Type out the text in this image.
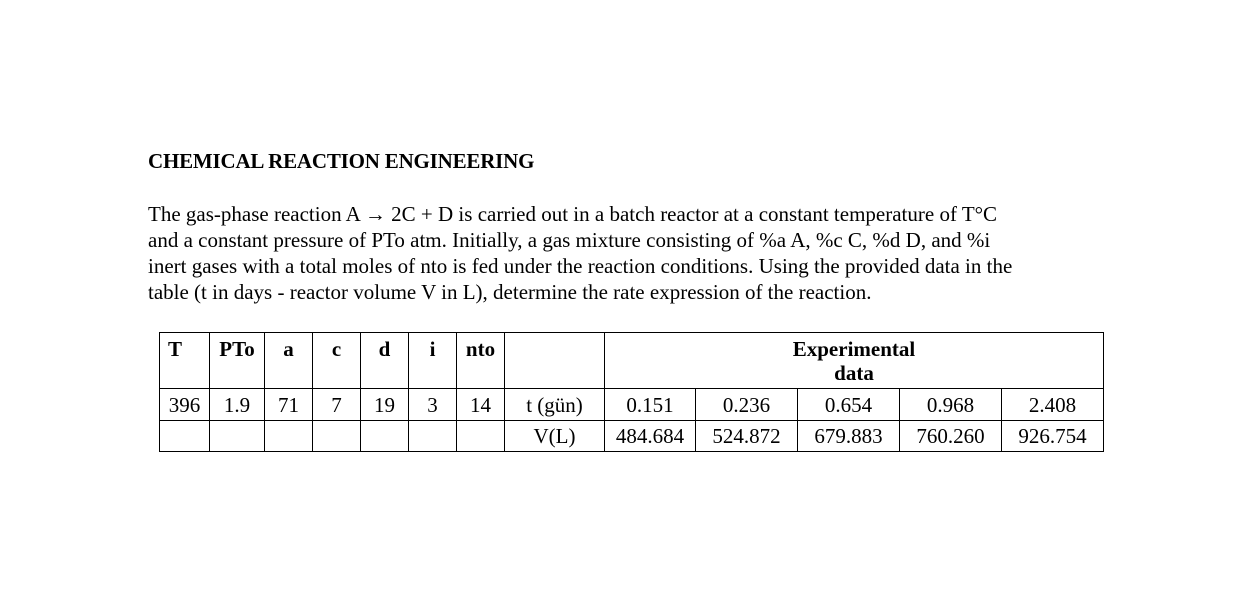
CHEMICAL REACTION ENGINEERING
The gas-phase reaction A → 2C + D is carried out in a batch reactor at a constant temperature of T°C
and a constant pressure of PTo atm. Initially, a gas mixture consisting of %a A, %c C, %d D, and %i
inert gases with a total moles of nto is fed under the reaction conditions. Using the provided data in the
table (t in days - reactor volume V in L), determine the rate expression of the reaction.
T	PTo	a	c	d	i	nto		Experimental
data				

396	1.9	71	7	19	3	14	t (gün)	0.151	0.236	0.654	0.968	2.408
							V(L)	484.684	524.872	679.883	760.260	926.754
